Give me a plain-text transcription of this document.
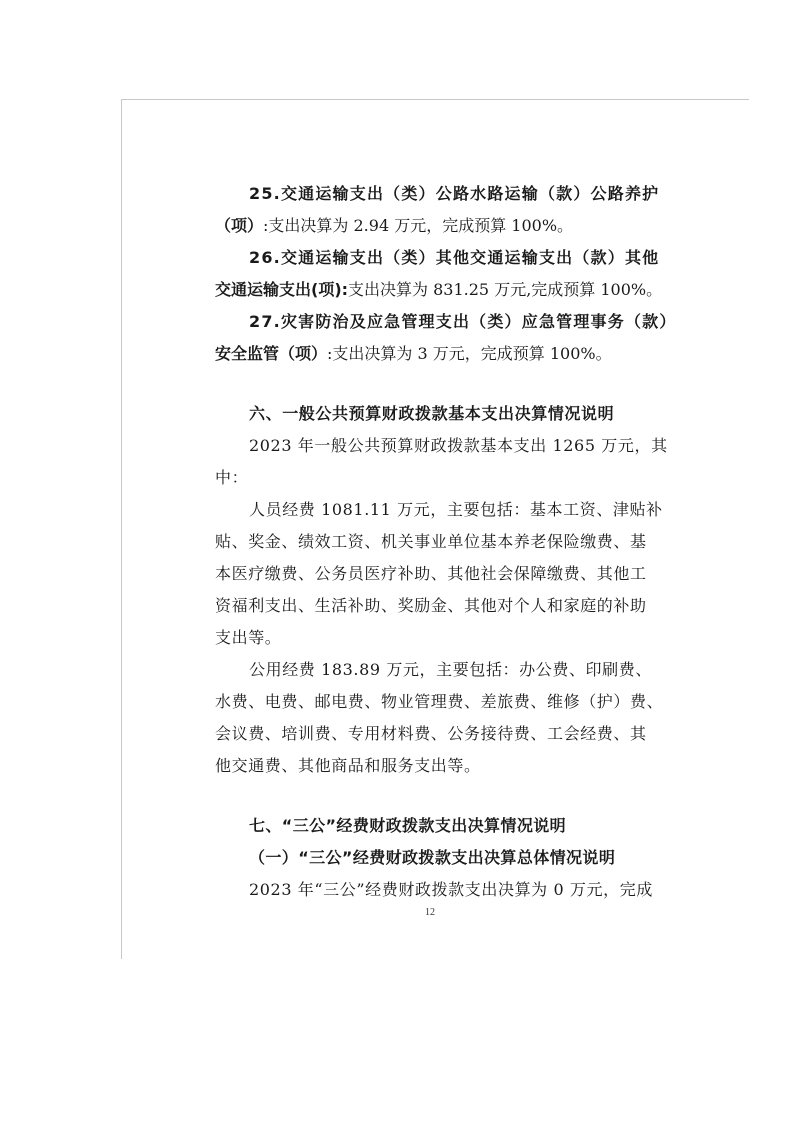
25.交通运输支出（类）公路水路运输（款）公路养护
（项）:支出决算为 2.94 万元，完成预算 100%。
26.交通运输支出（类）其他交通运输支出（款）其他
交通运输支出(项):支出决算为 831.25 万元,完成预算 100%。
27.灾害防治及应急管理支出（类）应急管理事务（款）
安全监管（项）:支出决算为 3 万元，完成预算 100%。
六、一般公共预算财政拨款基本支出决算情况说明
2023 年一般公共预算财政拨款基本支出 1265 万元，其
中：
人员经费 1081.11 万元，主要包括：基本工资、津贴补
贴、奖金、绩效工资、机关事业单位基本养老保险缴费、基
本医疗缴费、公务员医疗补助、其他社会保障缴费、其他工
资福利支出、生活补助、奖励金、其他对个人和家庭的补助
支出等。
公用经费 183.89 万元，主要包括：办公费、印刷费、
水费、电费、邮电费、物业管理费、差旅费、维修（护）费、
会议费、培训费、专用材料费、公务接待费、工会经费、其
他交通费、其他商品和服务支出等。
七、“三公”经费财政拨款支出决算情况说明
（一）“三公”经费财政拨款支出决算总体情况说明
2023 年“三公”经费财政拨款支出决算为 0 万元，完成
12
